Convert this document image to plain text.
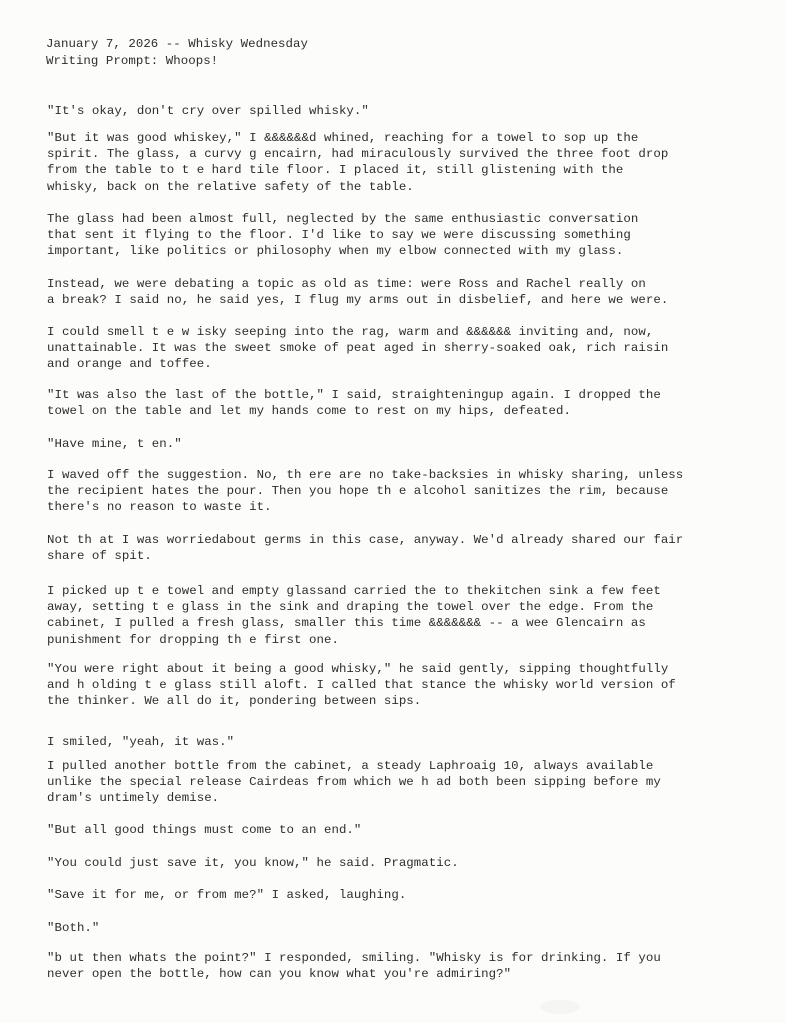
January 7, 2026 -- Whisky Wednesday
Writing Prompt: Whoops!
"It's okay, don't cry over spilled whisky."
"But it was good whiskey," I &&&&&&d whined, reaching for a towel to sop up the
spirit. The glass, a curvy g encairn, had miraculously survived the three foot drop
from the table to t e hard tile floor. I placed it, still glistening with the
whisky, back on the relative safety of the table.
The glass had been almost full, neglected by the same enthusiastic conversation
that sent it flying to the floor. I'd like to say we were discussing something
important, like politics or philosophy when my elbow connected with my glass.
Instead, we were debating a topic as old as time: were Ross and Rachel really on
a break? I said no, he said yes, I flug my arms out in disbelief, and here we were.
I could smell t e w isky seeping into the rag, warm and &&&&&& inviting and, now,
unattainable. It was the sweet smoke of peat aged in sherry-soaked oak, rich raisin
and orange and toffee.
"It was also the last of the bottle," I said, straighteningup again. I dropped the
towel on the table and let my hands come to rest on my hips, defeated.
"Have mine, t en."
I waved off the suggestion. No, th ere are no take-backsies in whisky sharing, unless
the recipient hates the pour. Then you hope th e alcohol sanitizes the rim, because
there's no reason to waste it.
Not th at I was worriedabout germs in this case, anyway. We'd already shared our fair
share of spit.
I picked up t e towel and empty glassand carried the to thekitchen sink a few feet
away, setting t e glass in the sink and draping the towel over the edge. From the
cabinet, I pulled a fresh glass, smaller this time &&&&&&& -- a wee Glencairn as
punishment for dropping th e first one.
"You were right about it being a good whisky," he said gently, sipping thoughtfully
and h olding t e glass still aloft. I called that stance the whisky world version of
the thinker. We all do it, pondering between sips.
I smiled, "yeah, it was."
I pulled another bottle from the cabinet, a steady Laphroaig 10, always available
unlike the special release Cairdeas from which we h ad both been sipping before my
dram's untimely demise.
"But all good things must come to an end."
"You could just save it, you know," he said. Pragmatic.
"Save it for me, or from me?" I asked, laughing.
"Both."
"b ut then whats the point?" I responded, smiling. "Whisky is for drinking. If you
never open the bottle, how can you know what you're admiring?"
